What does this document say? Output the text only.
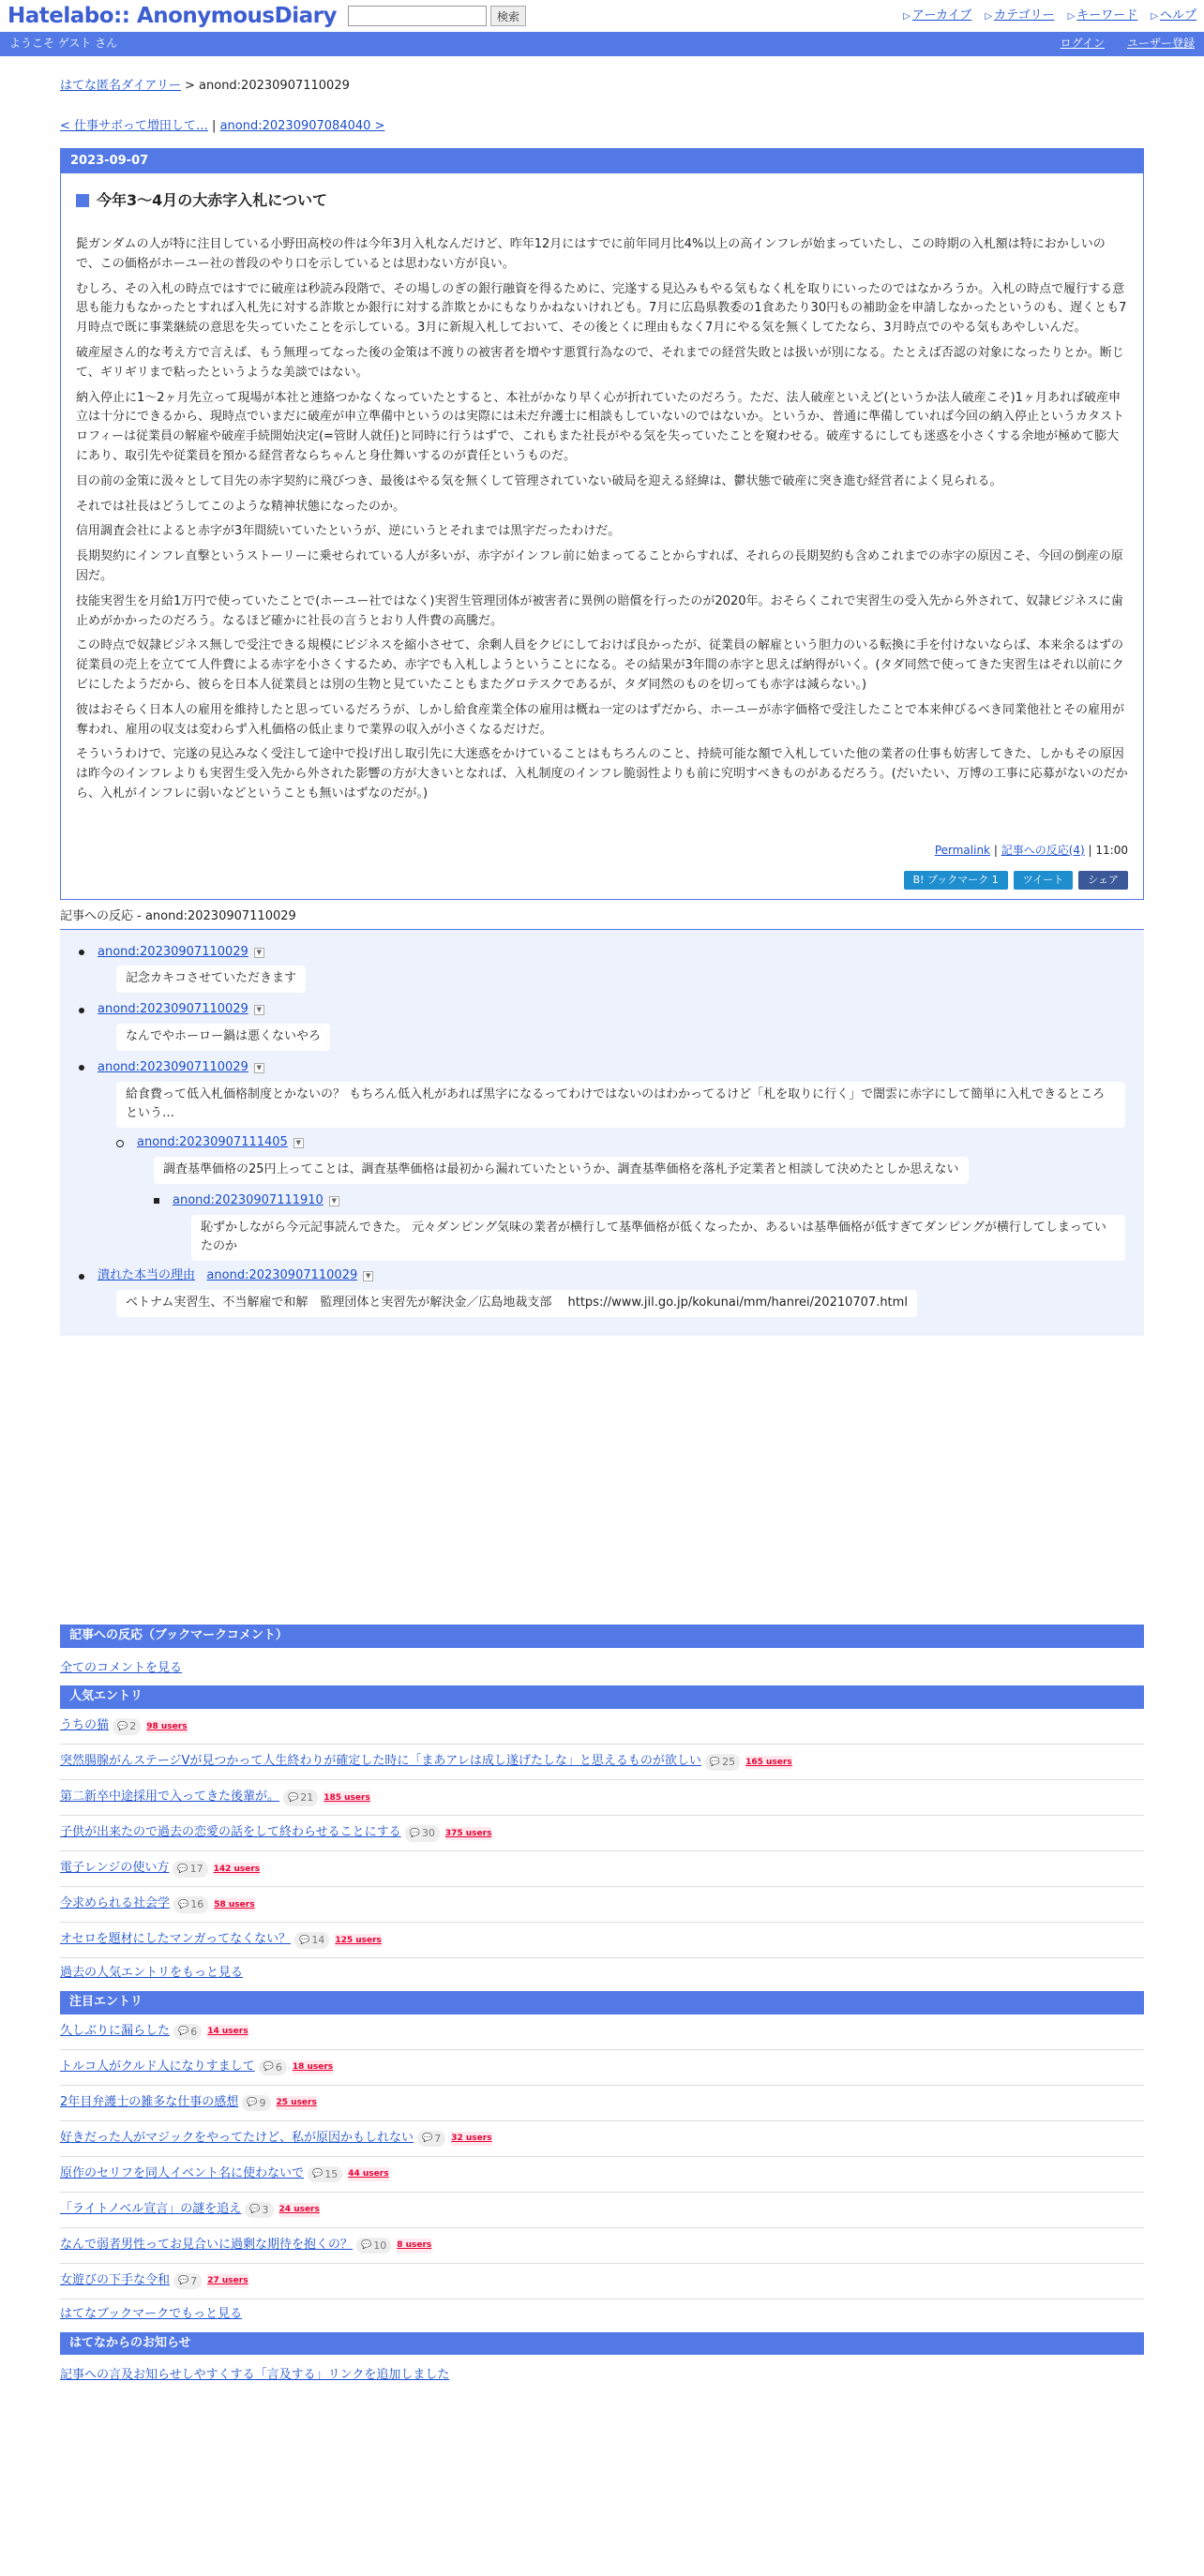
Hatelabo:: AnonymousDiary	検索	▷ アーカイブ	▷ カテゴリー	▷ キーワード	▷ ヘルプ
ようこそ ゲスト さん	ログイン ユーザー登録
はてな匿名ダイアリー > anond:20230907110029
< 仕事サボって増田して… | anond:20230907084040 >
2023-09-07
今年3〜4月の大赤字入札について

髭ガンダムの人が特に注目している小野田高校の件は今年3月入札なんだけど、昨年12月にはすでに前年同月比4%以上の高インフレが始まっていたし、この時期の入札額は特におかしいので、この価格がホーユー社の普段のやり口を示しているとは思わない方が良い。

むしろ、その入札の時点ではすでに破産は秒読み段階で、その場しのぎの銀行融資を得るために、完遂する見込みもやる気もなく札を取りにいったのではなかろうか。入札の時点で履行する意思も能力もなかったとすれば入札先に対する詐欺とか銀行に対する詐欺とかにもなりかねないけれども。7月に広島県教委の1食あたり30円もの補助金を申請しなかったというのも、遅くとも7月時点で既に事業継続の意思を失っていたことを示している。3月に新規入札しておいて、その後とくに理由もなく7月にやる気を無くしてたなら、3月時点でのやる気もあやしいんだ。

破産屋さん的な考え方で言えば、もう無理ってなった後の金策は不渡りの被害者を増やす悪質行為なので、それまでの経営失敗とは扱いが別になる。たとえば否認の対象になったりとか。断じて、ギリギリまで粘ったというような美談ではない。

納入停止に1〜2ヶ月先立って現場が本社と連絡つかなくなっていたとすると、本社がかなり早く心が折れていたのだろう。ただ、法人破産といえど(というか法人破産こそ)1ヶ月あれば破産申立は十分にできるから、現時点でいまだに破産が申立準備中というのは実際には未だ弁護士に相談もしていないのではないか。というか、普通に準備していれば今回の納入停止というカタストロフィーは従業員の解雇や破産手続開始決定(=管財人就任)と同時に行うはずで、これもまた社長がやる気を失っていたことを窺わせる。破産するにしても迷惑を小さくする余地が極めて膨大にあり、取引先や従業員を預かる経営者ならちゃんと身仕舞いするのが責任というものだ。

目の前の金策に汲々として目先の赤字契約に飛びつき、最後はやる気を無くして管理されていない破局を迎える経緯は、鬱状態で破産に突き進む経営者によく見られる。

それでは社長はどうしてこのような精神状態になったのか。

信用調査会社によると赤字が3年間続いていたというが、逆にいうとそれまでは黒字だったわけだ。

長期契約にインフレ直撃というストーリーに乗せられている人が多いが、赤字がインフレ前に始まってることからすれば、それらの長期契約も含めこれまでの赤字の原因こそ、今回の倒産の原因だ。

技能実習生を月給1万円で使っていたことで(ホーユー社ではなく)実習生管理団体が被害者に異例の賠償を行ったのが2020年。おそらくこれで実習生の受入先から外されて、奴隷ビジネスに歯止めがかかったのだろう。なるほど確かに社長の言うとおり人件費の高騰だ。

この時点で奴隷ビジネス無しで受注できる規模にビジネスを縮小させて、余剰人員をクビにしておけば良かったが、従業員の解雇という胆力のいる転換に手を付けないならば、本来余るはずの従業員の売上を立てて人件費による赤字を小さくするため、赤字でも入札しようということになる。その結果が3年間の赤字と思えば納得がいく。(タダ同然で使ってきた実習生はそれ以前にクビにしたようだから、彼らを日本人従業員とは別の生物と見ていたこともまたグロテスクであるが、タダ同然のものを切っても赤字は減らない。)

彼はおそらく日本人の雇用を維持したと思っているだろうが、しかし給食産業全体の雇用は概ね一定のはずだから、ホーユーが赤字価格で受注したことで本来伸びるべき同業他社とその雇用が奪われ、雇用の収支は変わらず入札価格の低止まりで業界の収入が小さくなるだけだ。

そういうわけで、完遂の見込みなく受注して途中で投げ出し取引先に大迷惑をかけていることはもちろんのこと、持続可能な額で入札していた他の業者の仕事も妨害してきた、しかもその原因は昨今のインフレよりも実習生受入先から外された影響の方が大きいとなれば、入札制度のインフレ脆弱性よりも前に究明すべきものがあるだろう。(だいたい、万博の工事に応募がないのだから、入札がインフレに弱いなどということも無いはずなのだが。)

Permalink | 記事への反応(4) | 11:00
B! ブックマーク 1	ツイート	シェア
記事への反応 - anond:20230907110029
anond:20230907110029	▼
記念カキコさせていただきます
anond:20230907110029	▼
なんでやホーロー鍋は悪くないやろ
anond:20230907110029	▼
給食費って低入札価格制度とかないの？ もちろん低入札があれば黒字になるってわけではないのはわかってるけど「札を取りに行く」で闇雲に赤字にして簡単に入札できるところという…
anond:20230907111405	▼
調査基準価格の25円上ってことは、調査基準価格は最初から漏れていたというか、調査基準価格を落札予定業者と相談して決めたとしか思えない
anond:20230907111910	▼
恥ずかしながら今元記事読んできた。 元々ダンピング気味の業者が横行して基準価格が低くなったか、あるいは基準価格が低すぎてダンピングが横行してしまっていたのか
潰れた本当の理由
anond:20230907110029	▼
ベトナム実習生、不当解雇で和解　監理団体と実習先が解決金／広島地裁支部　 https://www.jil.go.jp/kokunai/mm/hanrei/20210707.html
記事への反応（ブックマークコメント）
全てのコメントを見る
人気エントリ
うちの猫	💬 2	98 users
突然腸腺がんステージVが見つかって人生終わりが確定した時に「まあアレは成し遂げたしな」と思えるものが欲しい	💬 25	165 users
第二新卒中途採用で入ってきた後輩が。	💬 21	185 users
子供が出来たので過去の恋愛の話をして終わらせることにする	💬 30	375 users
電子レンジの使い方	💬 17	142 users
今求められる社会学	💬 16	58 users
オセロを題材にしたマンガってなくない？	💬 14	125 users
過去の人気エントリをもっと見る
注目エントリ
久しぶりに漏らした	💬 6	14 users
トルコ人がクルド人になりすまして	💬 6	18 users
2年目弁護士の雑多な仕事の感想	💬 9	25 users
好きだった人がマジックをやってたけど、私が原因かもしれない	💬 7	32 users
原作のセリフを同人イベント名に使わないで	💬 15	44 users
「ライトノベル宣言」の謎を追え	💬 3	24 users
なんで弱者男性ってお見合いに過剰な期待を抱くの？	💬 10	8 users
女遊びの下手な令和	💬 7	27 users
はてなブックマークでもっと見る
はてなからのお知らせ
記事への言及お知らせしやすくする「言及する」リンクを追加しました
